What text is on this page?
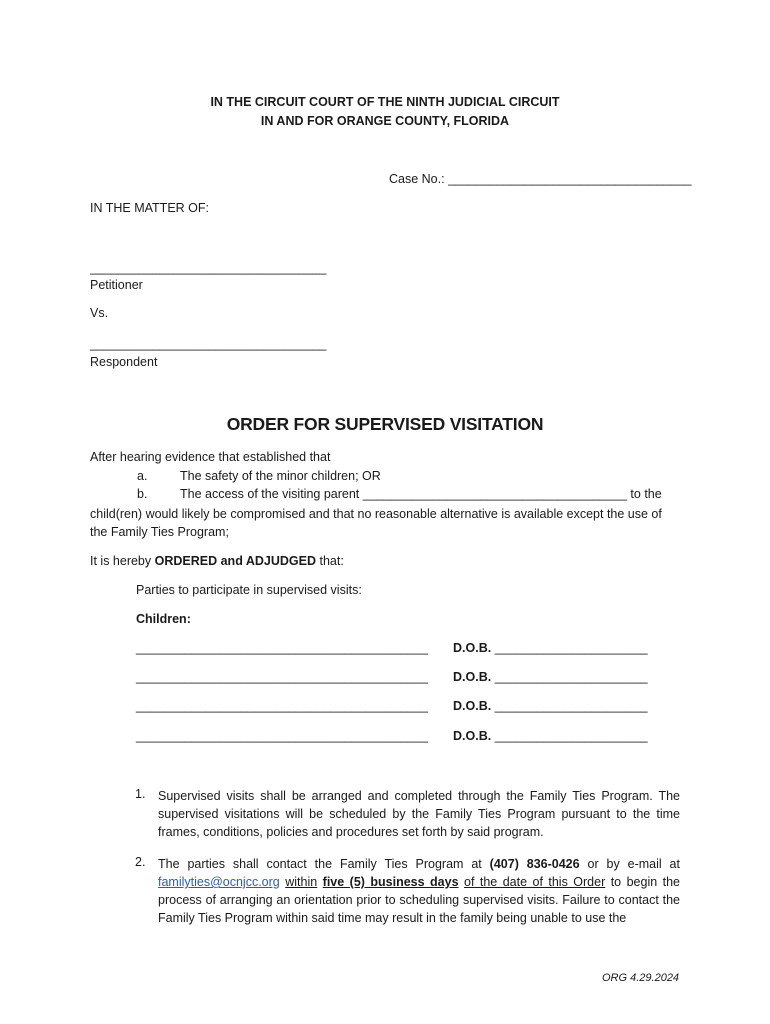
IN THE CIRCUIT COURT OF THE NINTH JUDICIAL CIRCUIT
IN AND FOR ORANGE COUNTY, FLORIDA
Case No.: ___________________________________
IN THE MATTER OF:
__________________________________
Petitioner
Vs.
__________________________________
Respondent
ORDER FOR SUPERVISED VISITATION
After hearing evidence that established that
a.	The safety of the minor children; OR
b.	The access of the visiting parent ______________________________________ to the
child(ren) would likely be compromised and that no reasonable alternative is available except the use of
the Family Ties Program;
It is hereby ORDERED and ADJUDGED that:
Parties to participate in supervised visits:
Children:
__________________________________________ D.O.B. ______________________
__________________________________________ D.O.B. ______________________
__________________________________________ D.O.B. ______________________
__________________________________________ D.O.B. ______________________
1. Supervised visits shall be arranged and completed through the Family Ties Program. The supervised visitations will be scheduled by the Family Ties Program pursuant to the time frames, conditions, policies and procedures set forth by said program.
2. The parties shall contact the Family Ties Program at (407) 836-0426 or by e-mail at familyties@ocnjcc.org within five (5) business days of the date of this Order to begin the process of arranging an orientation prior to scheduling supervised visits. Failure to contact the Family Ties Program within said time may result in the family being unable to use the
ORG 4.29.2024
